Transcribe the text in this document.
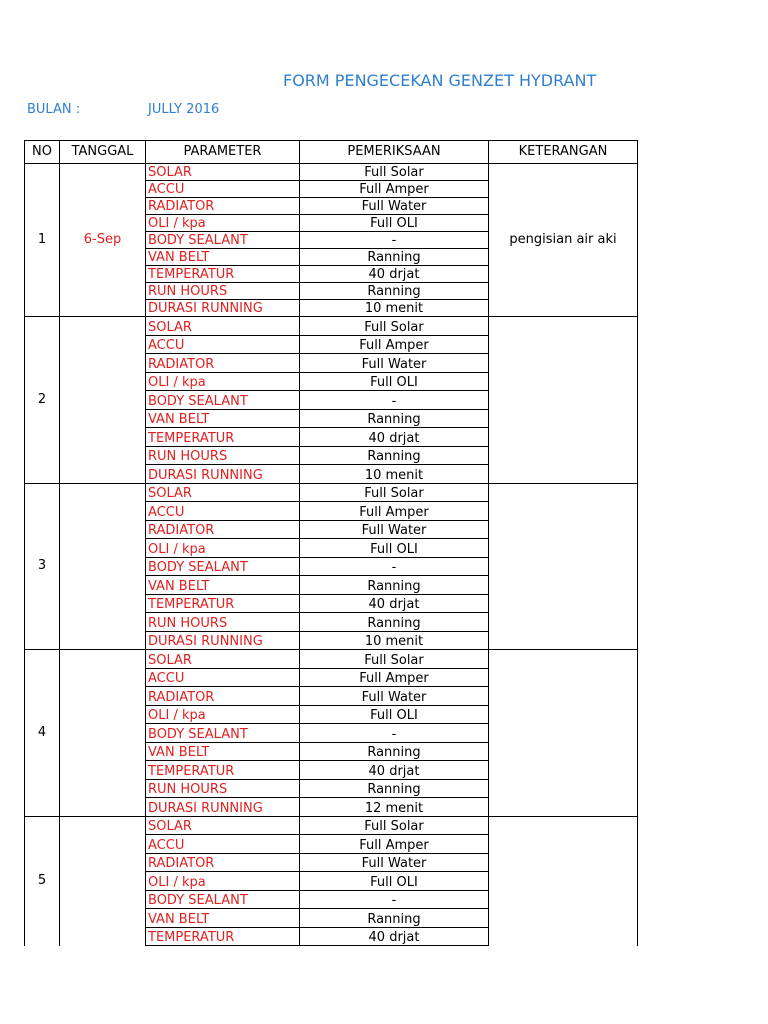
FORM PENGECEKAN GENZET HYDRANT
BULAN :	JULLY 2016
NO	TANGGAL	PARAMETER	PEMERIKSAAN	KETERANGAN
1	6-Sep	SOLAR	Full Solar	pengisian air aki
		ACCU	Full Amper	
		RADIATOR	Full Water	
		OLI / kpa	Full OLI	
		BODY SEALANT	-	
		VAN BELT	Ranning	
		TEMPERATUR	40 drjat	
		RUN HOURS	Ranning	
		DURASI RUNNING	10 menit	
2		SOLAR	Full Solar	
		ACCU	Full Amper	
		RADIATOR	Full Water	
		OLI / kpa	Full OLI	
		BODY SEALANT	-	
		VAN BELT	Ranning	
		TEMPERATUR	40 drjat	
		RUN HOURS	Ranning	
		DURASI RUNNING	10 menit	
3		SOLAR	Full Solar	
		ACCU	Full Amper	
		RADIATOR	Full Water	
		OLI / kpa	Full OLI	
		BODY SEALANT	-	
		VAN BELT	Ranning	
		TEMPERATUR	40 drjat	
		RUN HOURS	Ranning	
		DURASI RUNNING	10 menit	
4		SOLAR	Full Solar	
		ACCU	Full Amper	
		RADIATOR	Full Water	
		OLI / kpa	Full OLI	
		BODY SEALANT	-	
		VAN BELT	Ranning	
		TEMPERATUR	40 drjat	
		RUN HOURS	Ranning	
		DURASI RUNNING	12 menit	
5		SOLAR	Full Solar	
		ACCU	Full Amper	
		RADIATOR	Full Water	
		OLI / kpa	Full OLI	
		BODY SEALANT	-	
		VAN BELT	Ranning	
		TEMPERATUR	40 drjat	
